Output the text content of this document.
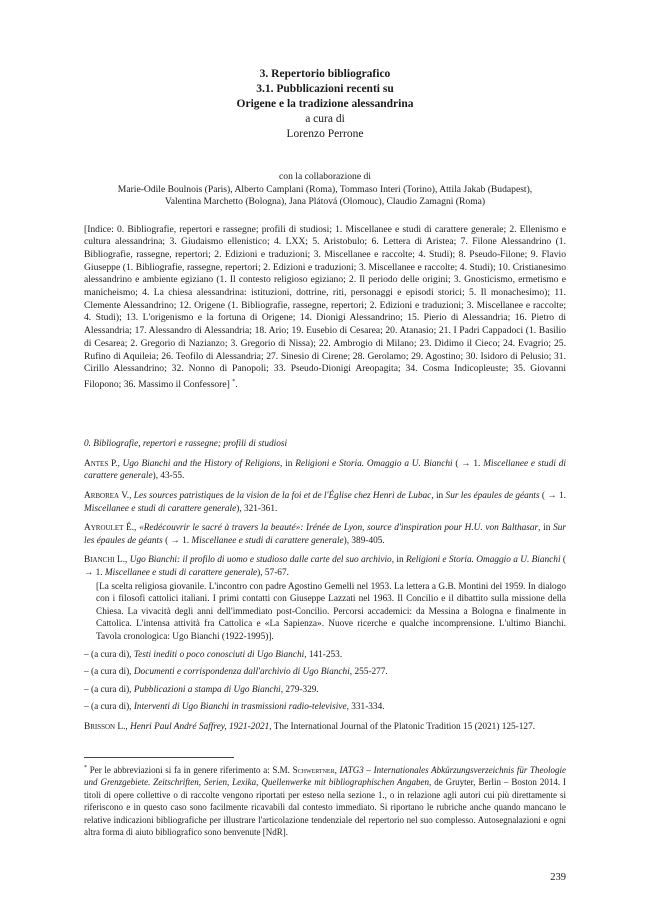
3. Repertorio bibliografico
3.1. Pubblicazioni recenti su
Origene e la tradizione alessandrina
a cura di
Lorenzo Perrone
con la collaborazione di
Marie-Odile Boulnois (Paris), Alberto Camplani (Roma), Tommaso Interi (Torino), Attila Jakab (Budapest),
Valentina Marchetto (Bologna), Jana Plátová (Olomouc), Claudio Zamagni (Roma)
[Indice: 0. Bibliografie, repertori e rassegne; profili di studiosi; 1. Miscellanee e studi di carattere generale; 2. Ellenismo e cultura alessandrina; 3. Giudaismo ellenistico; 4. LXX; 5. Aristobulo; 6. Lettera di Aristea; 7. Filone Alessandrino (1. Bibliografie, rassegne, repertori; 2. Edizioni e traduzioni; 3. Miscellanee e raccolte; 4. Studi); 8. Pseudo-Filone; 9. Flavio Giuseppe (1. Bibliografie, rassegne, repertori; 2. Edizioni e traduzioni; 3. Miscellanee e raccolte; 4. Studi); 10. Cristianesimo alessandrino e ambiente egiziano (1. Il contesto religioso egiziano; 2. Il periodo delle origini; 3. Gnosticismo, ermetismo e manicheismo; 4. La chiesa alessandrina: istituzioni, dottrine, riti, personaggi e episodi storici; 5. Il monachesimo); 11. Clemente Alessandrino; 12. Origene (1. Bibliografie, rassegne, repertori; 2. Edizioni e traduzioni; 3. Miscellanee e raccolte; 4. Studi); 13. L'origenismo e la fortuna di Origene; 14. Dionigi Alessandrino; 15. Pierio di Alessandria; 16. Pietro di Alessandria; 17. Alessandro di Alessandria; 18. Ario; 19. Eusebio di Cesarea; 20. Atanasio; 21. I Padri Cappadoci (1. Basilio di Cesarea; 2. Gregorio di Nazianzo; 3. Gregorio di Nissa); 22. Ambrogio di Milano; 23. Didimo il Cieco; 24. Evagrio; 25. Rufino di Aquileia; 26. Teofilo di Alessandria; 27. Sinesio di Cirene; 28. Gerolamo; 29. Agostino; 30. Isidoro di Pelusio; 31. Cirillo Alessandrino; 32. Nonno di Panopoli; 33. Pseudo-Dionigi Areopagita; 34. Cosma Indicopleuste; 35. Giovanni Filopono; 36. Massimo il Confessore] *.
0. Bibliografie, repertori e rassegne; profili di studiosi
Antes P., Ugo Bianchi and the History of Religions, in Religioni e Storia. Omaggio a U. Bianchi ( → 1. Miscellanee e studi di carattere generale), 43-55.
Arborea V., Les sources patristiques de la vision de la foi et de l'Église chez Henri de Lubac, in Sur les épaules de géants ( → 1. Miscellanee e studi di carattere generale), 321-361.
Ayroulet É., «Redécouvrir le sacré à travers la beauté»: Irénée de Lyon, source d'inspiration pour H.U. von Balthasar, in Sur les épaules de géants ( → 1. Miscellanee e studi di carattere generale), 389-405.
Bianchi L., Ugo Bianchi: il profilo di uomo e studioso dalle carte del suo archivio, in Religioni e Storia. Omaggio a U. Bianchi ( → 1. Miscellanee e studi di carattere generale), 57-67.
[La scelta religiosa giovanile. L'incontro con padre Agostino Gemelli nel 1953. La lettera a G.B. Montini del 1959. In dialogo con i filosofi cattolici italiani. I primi contatti con Giuseppe Lazzati nel 1963. Il Concilio e il dibattito sulla missione della Chiesa. La vivacità degli anni dell'immediato post-Concilio. Percorsi accademici: da Messina a Bologna e finalmente in Cattolica. L'intensa attività fra Cattolica e «La Sapienza». Nuove ricerche e qualche incomprensione. L'ultimo Bianchi. Tavola cronologica: Ugo Bianchi (1922-1995)].
– (a cura di), Testi inediti o poco conosciuti di Ugo Bianchi, 141-253.
– (a cura di), Documenti e corrispondenza dall'archivio di Ugo Bianchi, 255-277.
– (a cura di), Pubblicazioni a stampa di Ugo Bianchi, 279-329.
– (a cura di), Interventi di Ugo Bianchi in trasmissioni radio-televisive, 331-334.
Brisson L., Henri Paul André Saffrey, 1921-2021, The International Journal of the Platonic Tradition 15 (2021) 125-127.
* Per le abbreviazioni si fa in genere riferimento a: S.M. Schwertner, IATG3 – Internationales Abkürzungsverzeichnis für Theologie und Grenzgebiete. Zeitschriften, Serien, Lexika, Quellenwerke mit bibliographischen Angaben, de Gruyter, Berlin – Boston 2014. I titoli di opere collettive o di raccolte vengono riportati per esteso nella sezione 1., o in relazione agli autori cui più direttamente si riferiscono e in questo caso sono facilmente ricavabili dal contesto immediato. Si riportano le rubriche anche quando mancano le relative indicazioni bibliografiche per illustrare l'articolazione tendenziale del repertorio nel suo complesso. Autosegnalazioni e ogni altra forma di aiuto bibliografico sono benvenute [NdR].
239
